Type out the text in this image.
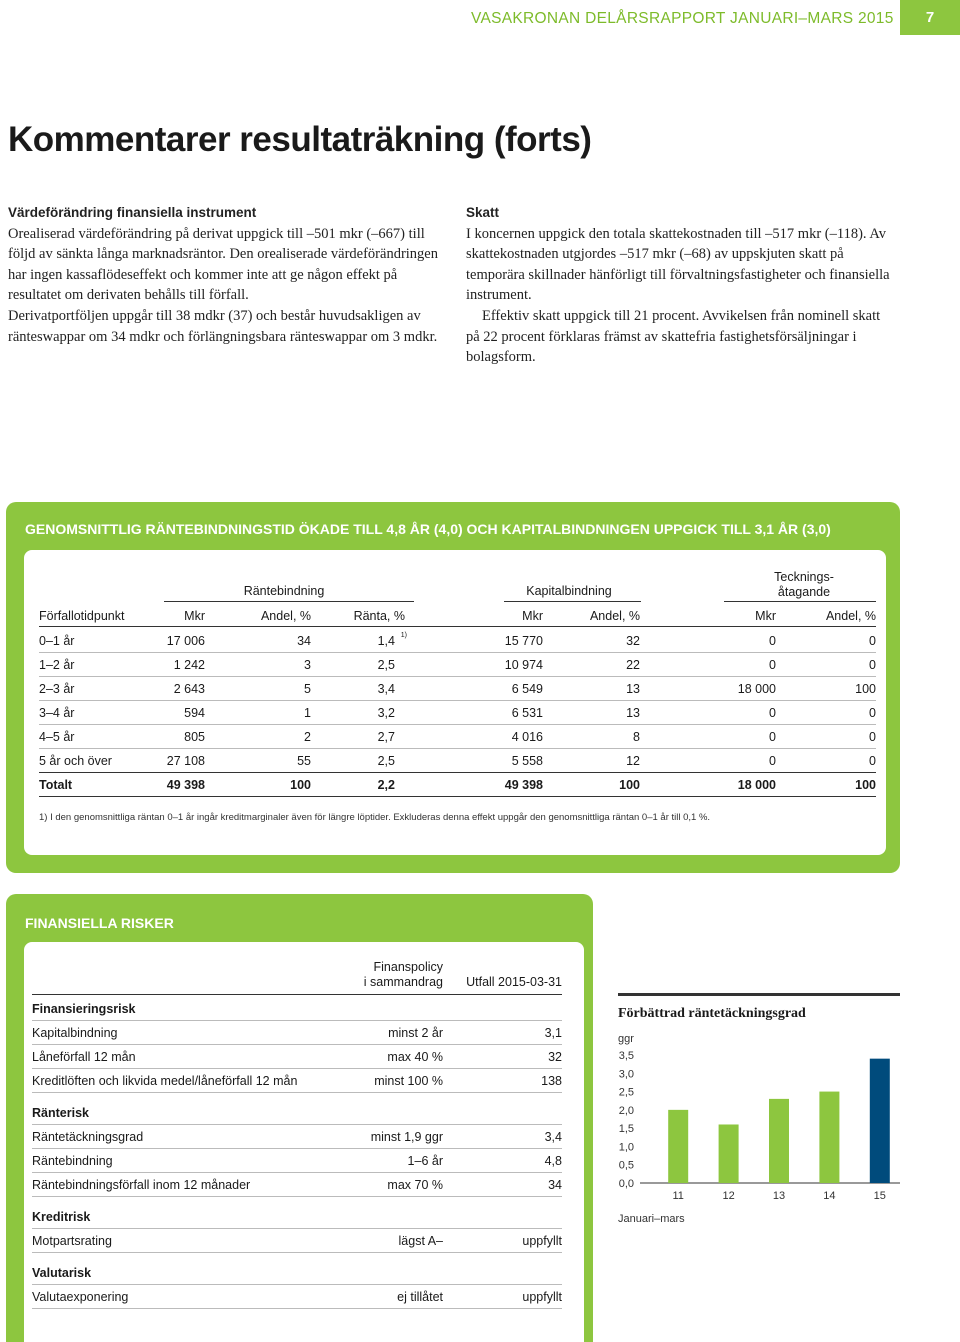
VASAKRONAN DELÅRSRAPPORT JANUARI–MARS 2015	7
Kommentarer resultaträkning (forts)
Värdeförändring finansiella instrument

Orealiserad värdeförändring på derivat uppgick till –501 mkr (–667) till följd av sänkta långa marknadsräntor. Den orealiserade värdeförändringen har ingen kassaflödeseffekt och kommer inte att ge någon effekt på resultatet om derivaten behålls till förfall.

Derivatportföljen uppgår till 38 mdkr (37) och består huvudsakligen av ränteswappar om 34 mdkr och förlängningsbara ränteswappar om 3 mdkr.

Skatt

I koncernen uppgick den totala skattekostnaden till –517 mkr (–118). Av skattekostnaden utgjordes –517 mkr (–68) av uppskjuten skatt på temporära skillnader hänförligt till förvaltningsfastigheter och finansiella instrument.

Effektiv skatt uppgick till 21 procent. Avvikelsen från nominell skatt på 22 procent förklaras främst av skattefria fastighetsförsäljningar i bolagsform.

GENOMSNITTLIG RÄNTEBINDNINGSTID ÖKADE TILL 4,8 ÅR (4,0) OCH KAPITALBINDNINGEN UPPGICK TILL 3,1 ÅR (3,0)
Räntebindning	Kapitalbindning
Tecknings-
åtagande
Förfallotidpunkt	Mkr	Andel, %	Ränta, %	Mkr	Andel, %	Mkr	Andel, %
0–1 år	17 006	34	1,4 1)	15 770	32	0	0
1–2 år	1 242	3	2,5	10 974	22	0	0
2–3 år	2 643	5	3,4	6 549	13	18 000	100
3–4 år	594	1	3,2	6 531	13	0	0
4–5 år	805	2	2,7	4 016	8	0	0
5 år och över	27 108	55	2,5	5 558	12	0	0
Totalt	49 398	100	2,2	49 398	100	18 000	100
1) I den genomsnittliga räntan 0–1 år ingår kreditmarginaler även för längre löptider. Exkluderas denna effekt uppgår den genomsnittliga räntan 0–1 år till 0,1 %.
FINANSIELLA RISKER
Finanspolicy
i sammandrag	Utfall 2015-03-31
Finansieringsrisk
Kapitalbindning	minst 2 år	3,1
Låneförfall 12 mån	max 40 %	32
Kreditlöften och likvida medel/låneförfall 12 mån	minst 100 %	138
Ränterisk
Räntetäckningsgrad	minst 1,9 ggr	3,4
Räntebindning	1–6 år	4,8
Räntebindningsförfall inom 12 månader	max 70 %	34
Kreditrisk
Motpartsrating	lägst A–	uppfyllt
Valutarisk
Valutaexponering	ej tillåtet	uppfyllt
Förbättrad räntetäckningsgrad
ggr
0,0
0,5
1,0
1,5
2,0
2,5
3,0
3,5
11	12	13	14	15
Januari–mars
